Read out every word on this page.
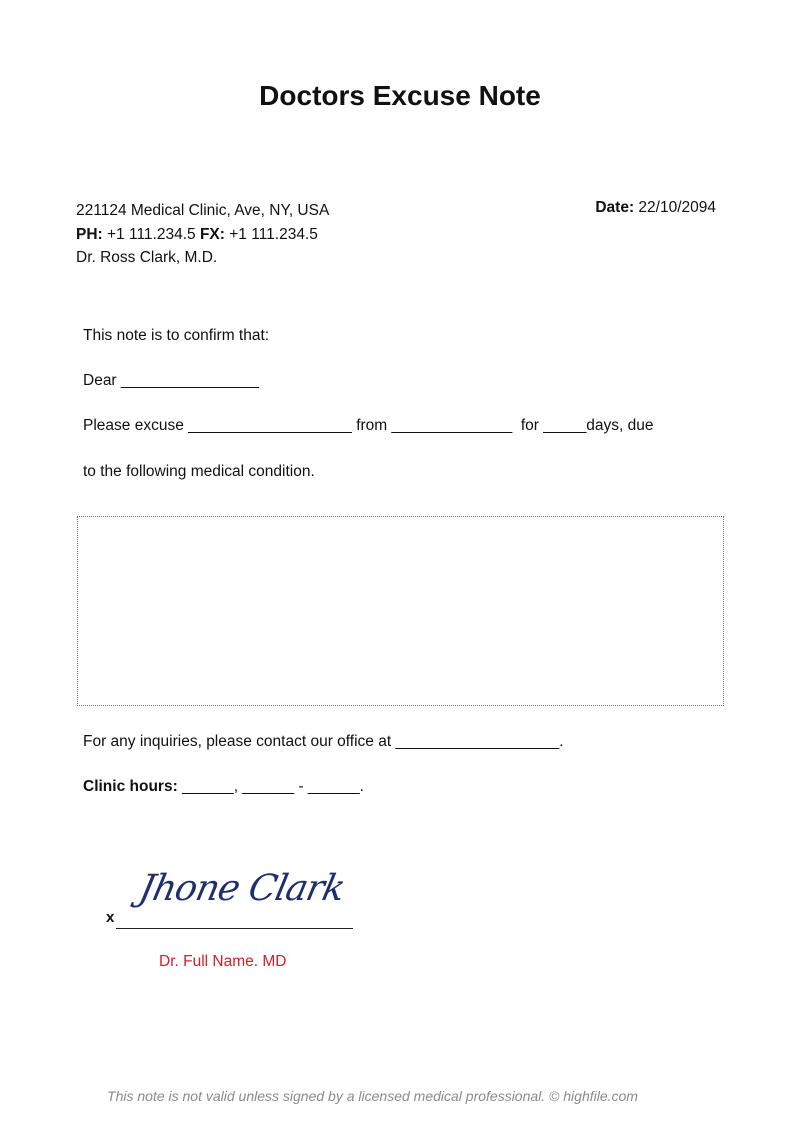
Doctors Excuse Note
221124 Medical Clinic, Ave, NY, USA
PH: +1 111.234.5 FX: +1 111.234.5
Dr. Ross Clark, M.D.
Date: 22/10/2094
This note is to confirm that:
Dear ________________
Please excuse ___________________ from ______________  for _____days, due
to the following medical condition.
For any inquiries, please contact our office at ___________________.
Clinic hours: ______, ______ - ______.
x
Jhone Clark
Dr. Full Name. MD
This note is not valid unless signed by a licensed medical professional. © highfile.com
